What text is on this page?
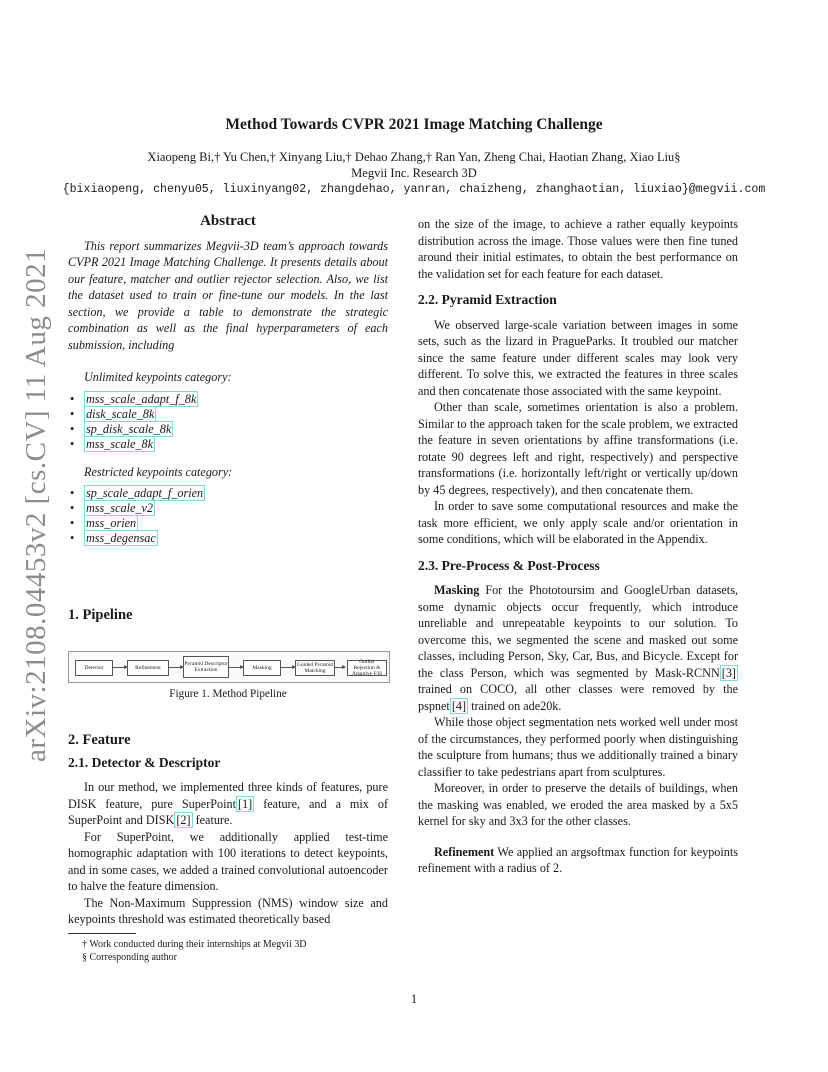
arXiv:2108.04453v2 [cs.CV] 11 Aug 2021
Method Towards CVPR 2021 Image Matching Challenge
Xiaopeng Bi,† Yu Chen,† Xinyang Liu,† Dehao Zhang,† Ran Yan, Zheng Chai, Haotian Zhang, Xiao Liu§
Megvii Inc. Research 3D
{bixiaopeng, chenyu05, liuxinyang02, zhangdehao, yanran, chaizheng, zhanghaotian, liuxiao}@megvii.com

Abstract

This report summarizes Megvii-3D team’s approach towards CVPR 2021 Image Matching Challenge. It presents details about our feature, matcher and outlier rejector selection. Also, we list the dataset used to train or fine-tune our models. In the last section, we provide a table to demonstrate the strategic combination as well as the final hyperparameters of each submission, including

Unlimited keypoints category:

• mss_scale_adapt_f_8k
• disk_scale_8k
• sp_disk_scale_8k
• mss_scale_8k

Restricted keypoints category:

• sp_scale_adapt_f_orien
• mss_scale_v2
• mss_orien
• mss_degensac

1. Pipeline

Detector	Refinement
Pyramid Descriptor Extraction	Masking	Guided Pyramid Matching
Outlier Rejection & Adaptive F/H
Figure 1. Method Pipeline

2. Feature

2.1. Detector & Descriptor

In our method, we implemented three kinds of features, pure DISK feature, pure SuperPoint [1] feature, and a mix of SuperPoint and DISK [2] feature.

For SuperPoint, we additionally applied test-time homographic adaptation with 100 iterations to detect keypoints, and in some cases, we added a trained convolutional autoencoder to halve the feature dimension.

The Non-Maximum Suppression (NMS) window size and keypoints threshold was estimated theoretically based

† Work conducted during their internships at Megvii 3D

§ Corresponding author

on the size of the image, to achieve a rather equally keypoints distribution across the image. Those values were then fine tuned around their initial estimates, to obtain the best performance on the validation set for each feature for each dataset.

2.2. Pyramid Extraction

We observed large-scale variation between images in some sets, such as the lizard in PragueParks. It troubled our matcher since the same feature under different scales may look very different. To solve this, we extracted the features in three scales and then concatenate those associated with the same keypoint.

Other than scale, sometimes orientation is also a problem. Similar to the approach taken for the scale problem, we extracted the feature in seven orientations by affine transformations (i.e. rotate 90 degrees left and right, respectively) and perspective transformations (i.e. horizontally left/right or vertically up/down by 45 degrees, respectively), and then concatenate them.

In order to save some computational resources and make the task more efficient, we only apply scale and/or orientation in some conditions, which will be elaborated in the Appendix.

2.3. Pre-Process & Post-Process

Masking For the Phototoursim and GoogleUrban datasets, some dynamic objects occur frequently, which introduce unreliable and unrepeatable keypoints to our solution. To overcome this, we segmented the scene and masked out some classes, including Person, Sky, Car, Bus, and Bicycle. Except for the class Person, which was segmented by Mask-RCNN [3] trained on COCO, all other classes were removed by the pspnet [4] trained on ade20k.

While those object segmentation nets worked well under most of the circumstances, they performed poorly when distinguishing the sculpture from humans; thus we additionally trained a binary classifier to take pedestrians apart from sculptures.

Moreover, in order to preserve the details of buildings, when the masking was enabled, we eroded the area masked by a 5x5 kernel for sky and 3x3 for the other classes.

Refinement We applied an argsoftmax function for keypoints refinement with a radius of 2.

1
